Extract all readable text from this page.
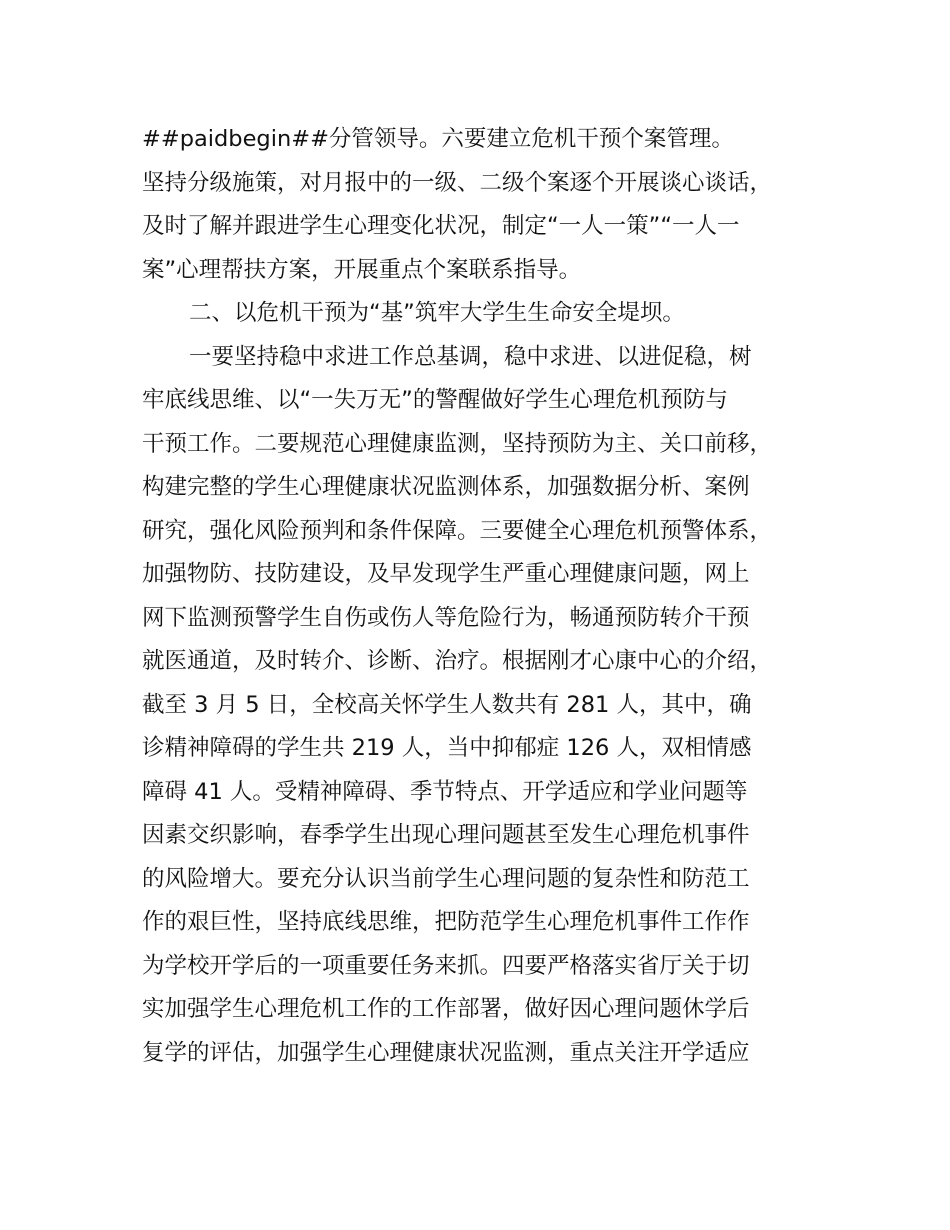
##paidbegin##分管领导。六要建立危机干预个案管理。
坚持分级施策，对月报中的一级、二级个案逐个开展谈心谈话，
及时了解并跟进学生心理变化状况，制定“一人一策”“一人一
案”心理帮扶方案，开展重点个案联系指导。
二、以危机干预为“基”筑牢大学生生命安全堤坝。
一要坚持稳中求进工作总基调，稳中求进、以进促稳，树
牢底线思维、以“一失万无”的警醒做好学生心理危机预防与
干预工作。二要规范心理健康监测，坚持预防为主、关口前移，
构建完整的学生心理健康状况监测体系，加强数据分析、案例
研究，强化风险预判和条件保障。三要健全心理危机预警体系，
加强物防、技防建设，及早发现学生严重心理健康问题，网上
网下监测预警学生自伤或伤人等危险行为，畅通预防转介干预
就医通道，及时转介、诊断、治疗。根据刚才心康中心的介绍，
截至 3 月 5 日，全校高关怀学生人数共有 281 人，其中，确
诊精神障碍的学生共 219 人，当中抑郁症 126 人，双相情感
障碍 41 人。受精神障碍、季节特点、开学适应和学业问题等
因素交织影响，春季学生出现心理问题甚至发生心理危机事件
的风险增大。要充分认识当前学生心理问题的复杂性和防范工
作的艰巨性，坚持底线思维，把防范学生心理危机事件工作作
为学校开学后的一项重要任务来抓。四要严格落实省厅关于切
实加强学生心理危机工作的工作部署，做好因心理问题休学后
复学的评估，加强学生心理健康状况监测，重点关注开学适应
